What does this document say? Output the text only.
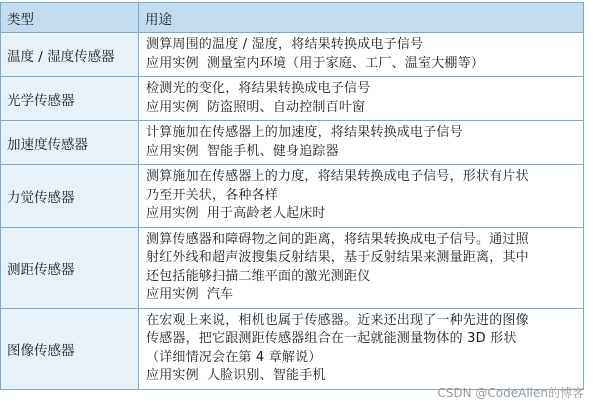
类型	用途
温度 / 湿度传感器	测算周围的温度 / 湿度，将结果转换成电子信号
应用实例 测量室内环境（用于家庭、工厂、温室大棚等）

光学传感器	检测光的变化，将结果转换成电子信号
应用实例 防盗照明、自动控制百叶窗

加速度传感器	计算施加在传感器上的加速度，将结果转换成电子信号
应用实例 智能手机、健身追踪器

力觉传感器	测算施加在传感器上的力度，将结果转换成电子信号，形状有片状
乃至开关状，各种各样
应用实例 用于高龄老人起床时

测距传感器	测算传感器和障碍物之间的距离，将结果转换成电子信号。通过照
射红外线和超声波搜集反射结果，基于反射结果来测量距离，其中
还包括能够扫描二维平面的激光测距仪
应用实例 汽车

图像传感器	在宏观上来说，相机也属于传感器。近来还出现了一种先进的图像
传感器，把它跟测距传感器组合在一起就能测量物体的 3D 形状
（详细情况会在第 4 章解说）
应用实例 人脸识别、智能手机
CSDN @CodeAllen的博客
